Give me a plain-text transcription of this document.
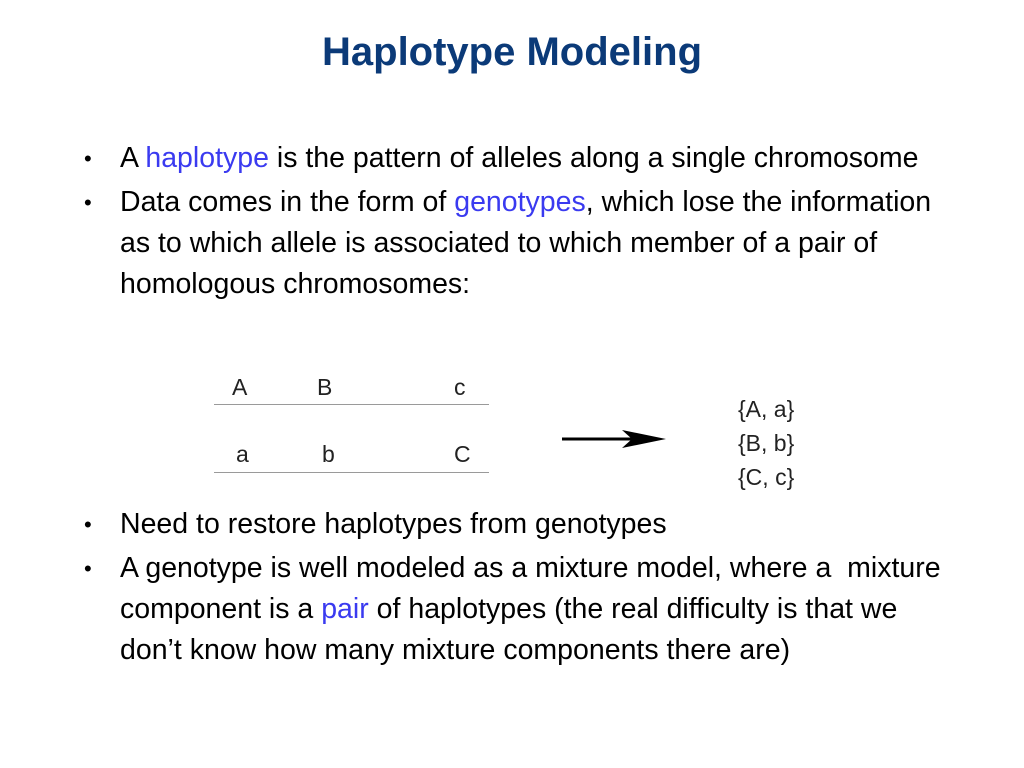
Haplotype Modeling
• A haplotype is the pattern of alleles along a single chromosome
• Data comes in the form of genotypes, which lose the information as to which allele is associated to which member of a pair of homologous chromosomes:
A	B	c
a	b	C
{A, a}
{B, b}
{C, c}
• Need to restore haplotypes from genotypes
• A genotype is well modeled as a mixture model, where a  mixture component is a pair of haplotypes (the real difficulty is that we don’t know how many mixture components there are)
